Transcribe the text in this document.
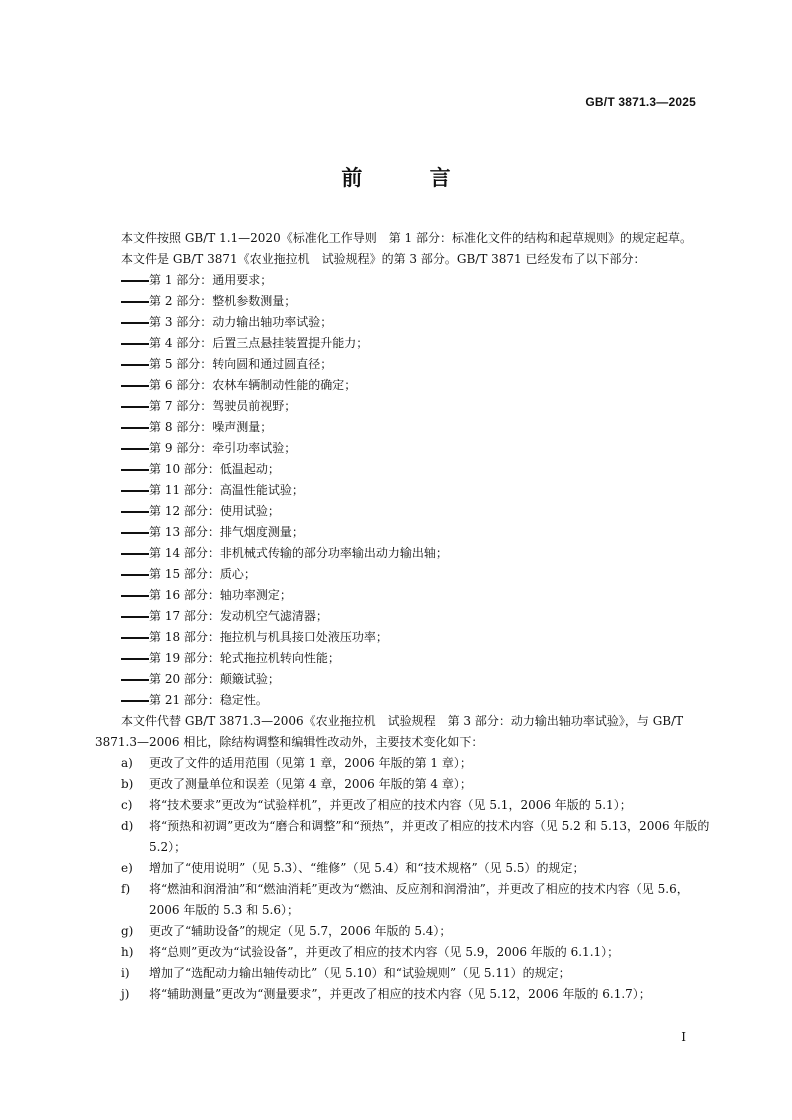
GB/T 3871.3—2025
前 言

本文件按照 GB/T 1.1—2020《标准化工作导则　第 1 部分：标准化文件的结构和起草规则》的规定起草。

本文件是 GB/T 3871《农业拖拉机　试验规程》的第 3 部分。GB/T 3871 已经发布了以下部分：

第 1 部分：通用要求；
第 2 部分：整机参数测量；
第 3 部分：动力输出轴功率试验；
第 4 部分：后置三点悬挂装置提升能力；
第 5 部分：转向圆和通过圆直径；
第 6 部分：农林车辆制动性能的确定；
第 7 部分：驾驶员前视野；
第 8 部分：噪声测量；
第 9 部分：牵引功率试验；
第 10 部分：低温起动；
第 11 部分：高温性能试验；
第 12 部分：使用试验；
第 13 部分：排气烟度测量；
第 14 部分：非机械式传输的部分功率输出动力输出轴；
第 15 部分：质心；
第 16 部分：轴功率测定；
第 17 部分：发动机空气滤清器；
第 18 部分：拖拉机与机具接口处液压功率；
第 19 部分：轮式拖拉机转向性能；
第 20 部分：颠簸试验；
第 21 部分：稳定性。

本文件代替 GB/T 3871.3—2006《农业拖拉机　试验规程　第 3 部分：动力输出轴功率试验》，与 GB/T 3871.3—2006 相比，除结构调整和编辑性改动外，主要技术变化如下：

a)	更改了文件的适用范围（见第 1 章，2006 年版的第 1 章）；
b)	更改了测量单位和误差（见第 4 章，2006 年版的第 4 章）；
c)	将“技术要求”更改为“试验样机”，并更改了相应的技术内容（见 5.1，2006 年版的 5.1）；
d)	将“预热和初调”更改为“磨合和调整”和“预热”，并更改了相应的技术内容（见 5.2 和 5.13，2006 年版的 5.2）；
e)	增加了“使用说明”（见 5.3）、“维修”（见 5.4）和“技术规格”（见 5.5）的规定；
f)	将“燃油和润滑油”和“燃油消耗”更改为“燃油、反应剂和润滑油”，并更改了相应的技术内容（见 5.6，2006 年版的 5.3 和 5.6）；
g)	更改了“辅助设备”的规定（见 5.7，2006 年版的 5.4）；
h)	将“总则”更改为“试验设备”，并更改了相应的技术内容（见 5.9，2006 年版的 6.1.1）；
i)	增加了“选配动力输出轴传动比”（见 5.10）和“试验规则”（见 5.11）的规定；
j)	将“辅助测量”更改为“测量要求”，并更改了相应的技术内容（见 5.12，2006 年版的 6.1.7）；
I
